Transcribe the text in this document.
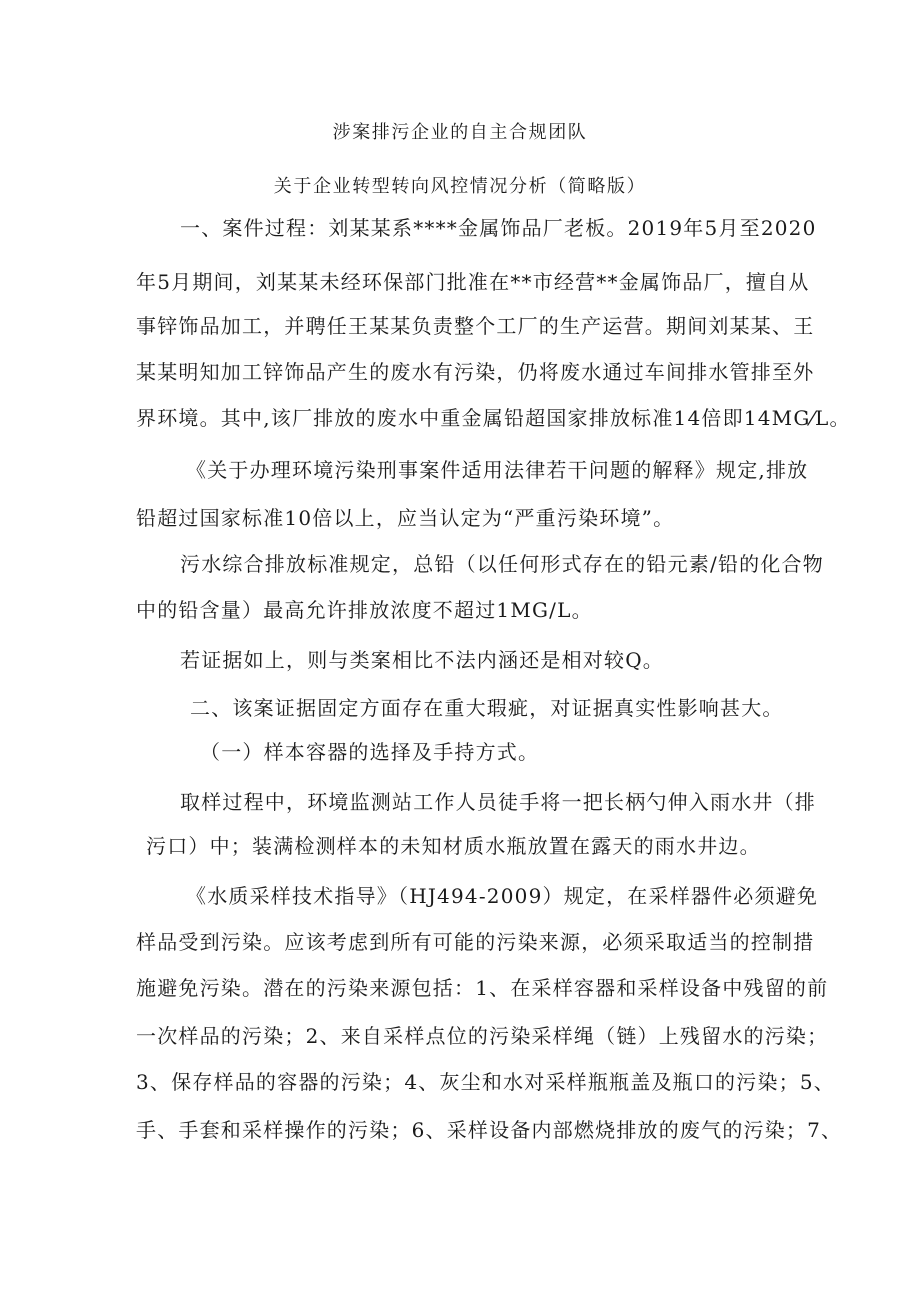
涉案排污企业的自主合规团队
关于企业转型转向风控情况分析（简略版）
一、案件过程：刘某某系****金属饰品厂老板。2019年5月至2020
年5月期间，刘某某未经环保部门批准在**市经营**金属饰品厂，擅自从
事锌饰品加工，并聘任王某某负责整个工厂的生产运营。期间刘某某、王
某某明知加工锌饰品产生的废水有污染，仍将废水通过车间排水管排至外
界环境。其中,该厂排放的废水中重金属铅超国家排放标准14倍即14MG⁄L。
《关于办理环境污染刑事案件适用法律若干问题的解释》规定,排放
铅超过国家标准10倍以上，应当认定为“严重污染环境”。
污水综合排放标准规定，总铅（以任何形式存在的铅元素/铅的化合物
中的铅含量）最高允许排放浓度不超过1MG/L。
若证据如上，则与类案相比不法内涵还是相对较Q。
二、该案证据固定方面存在重大瑕疵，对证据真实性影响甚大。
（一）样本容器的选择及手持方式。
取样过程中，环境监测站工作人员徒手将一把长柄勺伸入雨水井（排
污口）中；装满检测样本的未知材质水瓶放置在露天的雨水井边。
《水质采样技术指导》（HJ494-2009）规定，在采样器件必须避免
样品受到污染。应该考虑到所有可能的污染来源，必须采取适当的控制措
施避免污染。潜在的污染来源包括：1、在采样容器和采样设备中残留的前
一次样品的污染；2、来自采样点位的污染采样绳（链）上残留水的污染；
3、保存样品的容器的污染；4、灰尘和水对采样瓶瓶盖及瓶口的污染；5、
手、手套和采样操作的污染；6、采样设备内部燃烧排放的废气的污染；7、
